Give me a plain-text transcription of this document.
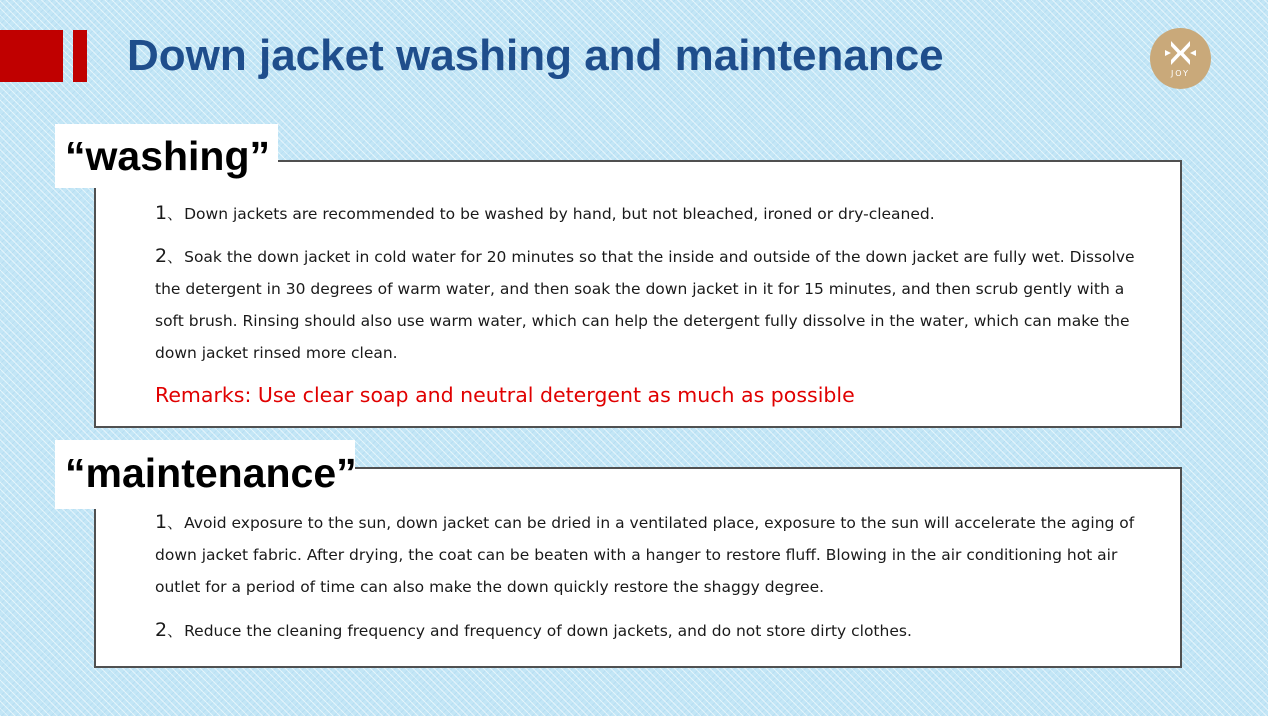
Down jacket washing and maintenance	JOY
“washing”

1、 Down jackets are recommended to be washed by hand, but not bleached, ironed or dry-cleaned.

2、 Soak the down jacket in cold water for 20 minutes so that the inside and outside of the down jacket are fully wet. Dissolve the detergent in 30 degrees of warm water, and then soak the down jacket in it for 15 minutes, and then scrub gently with a soft brush. Rinsing should also use warm water, which can help the detergent fully dissolve in the water, which can make the down jacket rinsed more clean.

Remarks: Use clear soap and neutral detergent as much as possible
“maintenance”

1、 Avoid exposure to the sun, down jacket can be dried in a ventilated place, exposure to the sun will accelerate the aging of down jacket fabric. After drying, the coat can be beaten with a hanger to restore fluff. Blowing in the air conditioning hot air outlet for a period of time can also make the down quickly restore the shaggy degree.

2、 Reduce the cleaning frequency and frequency of down jackets, and do not store dirty clothes.
